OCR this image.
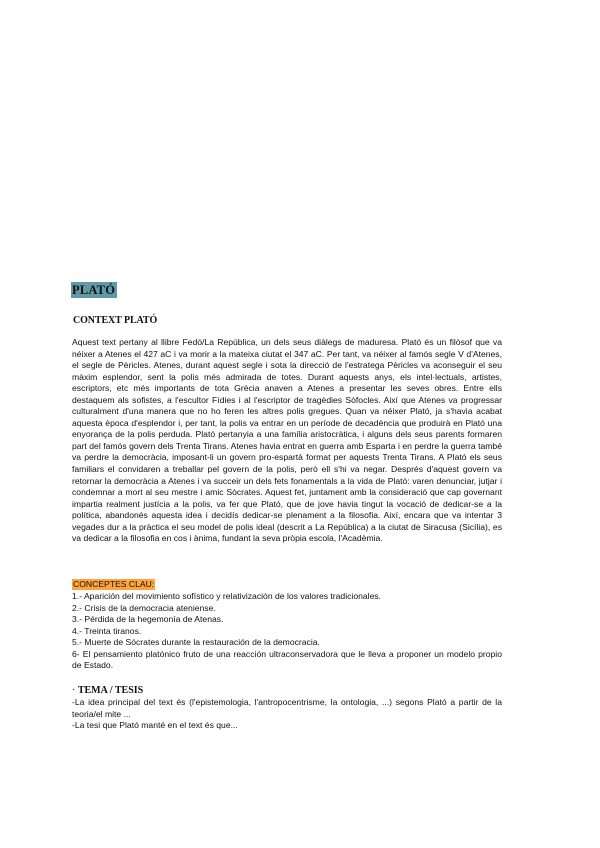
PLATÓ
CONTEXT PLATÓ

Aquest text pertany al llibre Fedó/La República, un dels seus diàlegs de maduresa. Plató és un filòsof que va néixer a Atenes el 427 aC i va morir a la mateixa ciutat el 347 aC. Per tant, va néixer al famós segle V d'Atenes, el segle de Pèricles. Atenes, durant aquest segle i sota la direcció de l'estratega Pèricles va aconseguir el seu màxim esplendor, sent la polis més admirada de totes. Durant aquests anys, els intel·lectuals, artistes, escriptors, etc més importants de tota Grècia anaven a Atenes a presentar les seves obres. Entre ells destaquem als sofistes, a l'escultor Fídies i al l'escriptor de tragèdies Sòfocles. Així que Atenes va progressar culturalment d'una manera que no ho feren les altres polis gregues. Quan va néixer Plató, ja s'havia acabat aquesta època d'esplendor i, per tant, la polis va entrar en un període de decadència que produirà en Plató una enyorança de la polis perduda. Plató pertanyia a una família aristocràtica, i alguns dels seus parents formaren part del famós govern dels Trenta Tirans. Atenes havia entrat en guerra amb Esparta i en perdre la guerra també va perdre la democràcia, imposant-li un govern pro-espartà format per aquests Trenta Tirans. A Plató els seus familiars el convidaren a treballar pel govern de la polis, però ell s'hi va negar. Després d'aquest govern va retornar la democràcia a Atenes i va succeir un dels fets fonamentals a la vida de Plató: varen denunciar, jutjar i condemnar a mort al seu mestre i amic Sòcrates. Aquest fet, juntament amb la consideració que cap governant impartia realment justícia a la polis, va fer que Plató, que de jove havia tingut la vocació de dedicar-se a la política, abandonés aquesta idea i decidís dedicar-se plenament a la filosofia. Així, encara que va intentar 3 vegades dur a la pràctica el seu model de polis ideal (descrit a La República) a la ciutat de Siracusa (Sicília), es va dedicar a la filosofia en cos i ànima, fundant la seva pròpia escola, l'Acadèmia.

CONCEPTES CLAU:
1.- Aparición del movimiento sofístico y relativización de los valores tradicionales.
2.- Crisis de la democracia ateniense.
3.- Pérdida de la hegemonía de Atenas.
4.- Treinta tiranos.
5.- Muerte de Sócrates durante la restauración de la democracia.
6- El pensamiento platónico fruto de una reacción ultraconservadora que le lleva a proponer un modelo propio de Estado.
· TEMA / TESIS
-La idea principal del text és (l'epistemologia, l'antropocentrisme, la ontologia, ...) segons Plató a partir de la teoria/el mite ...
-La tesi que Plató manté en el text és que...
